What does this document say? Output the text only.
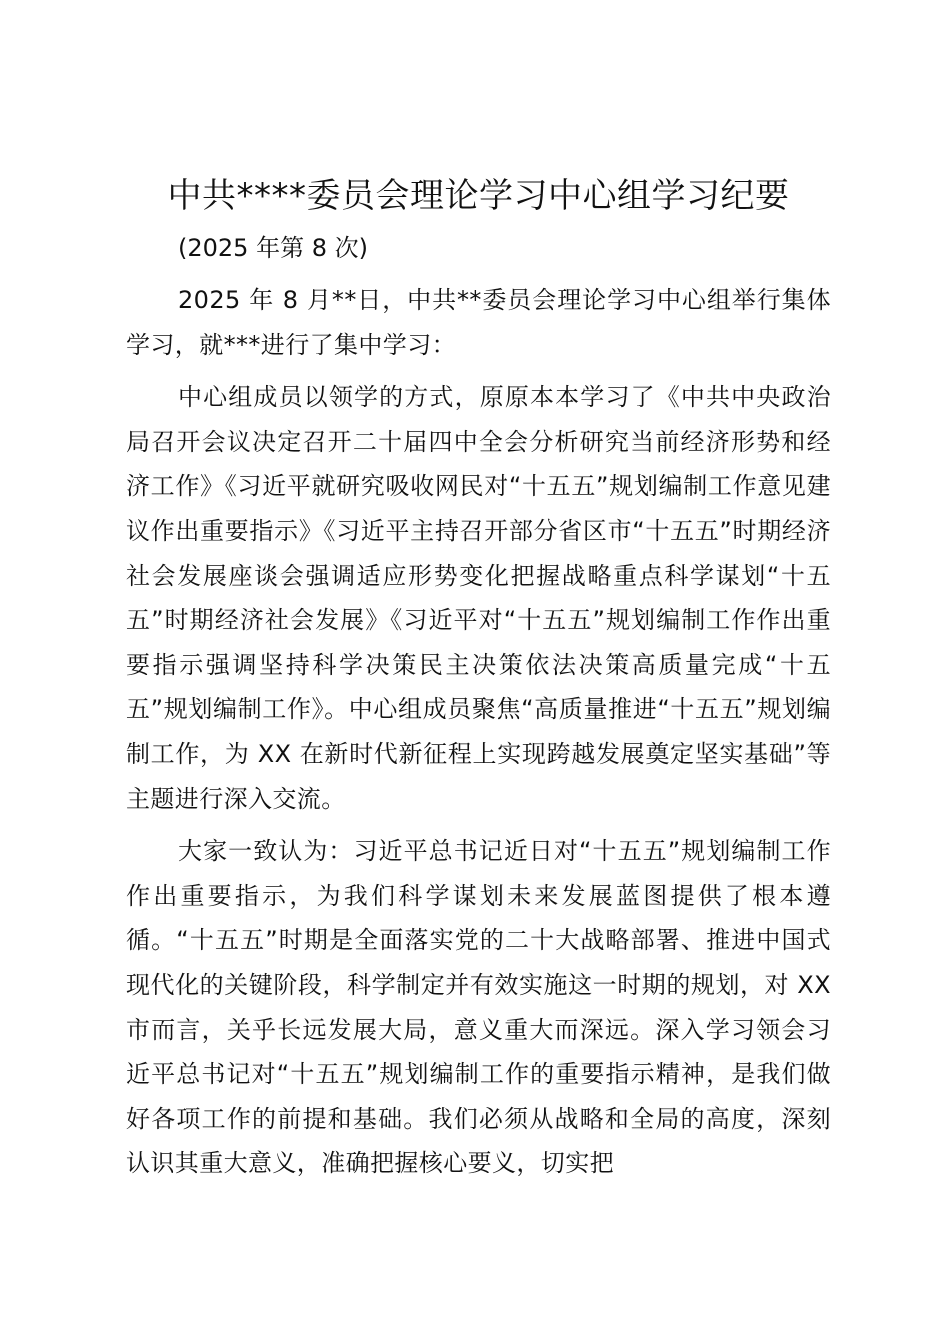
中共****委员会理论学习中心组学习纪要

(2025 年第 8 次)

2025 年 8 月**日，中共**委员会理论学习中心组举行集体学习，就***进行了集中学习：

中心组成员以领学的方式，原原本本学习了《中共中央政治局召开会议决定召开二十届四中全会分析研究当前经济形势和经济工作》《习近平就研究吸收网民对“十五五”规划编制工作意见建议作出重要指示》《习近平主持召开部分省区市“十五五”时期经济社会发展座谈会强调适应形势变化把握战略重点科学谋划“十五五”时期经济社会发展》《习近平对“十五五”规划编制工作作出重要指示强调坚持科学决策民主决策依法决策高质量完成“十五五”规划编制工作》。中心组成员聚焦“高质量推进“十五五”规划编制工作，为 XX 在新时代新征程上实现跨越发展奠定坚实基础”等主题进行深入交流。

大家一致认为：习近平总书记近日对“十五五”规划编制工作作出重要指示，为我们科学谋划未来发展蓝图提供了根本遵循。“十五五”时期是全面落实党的二十大战略部署、推进中国式现代化的关键阶段，科学制定并有效实施这一时期的规划，对 XX 市而言，关乎长远发展大局，意义重大而深远。深入学习领会习近平总书记对“十五五”规划编制工作的重要指示精神，是我们做好各项工作的前提和基础。我们必须从战略和全局的高度，深刻认识其重大意义，准确把握核心要义，切实把
